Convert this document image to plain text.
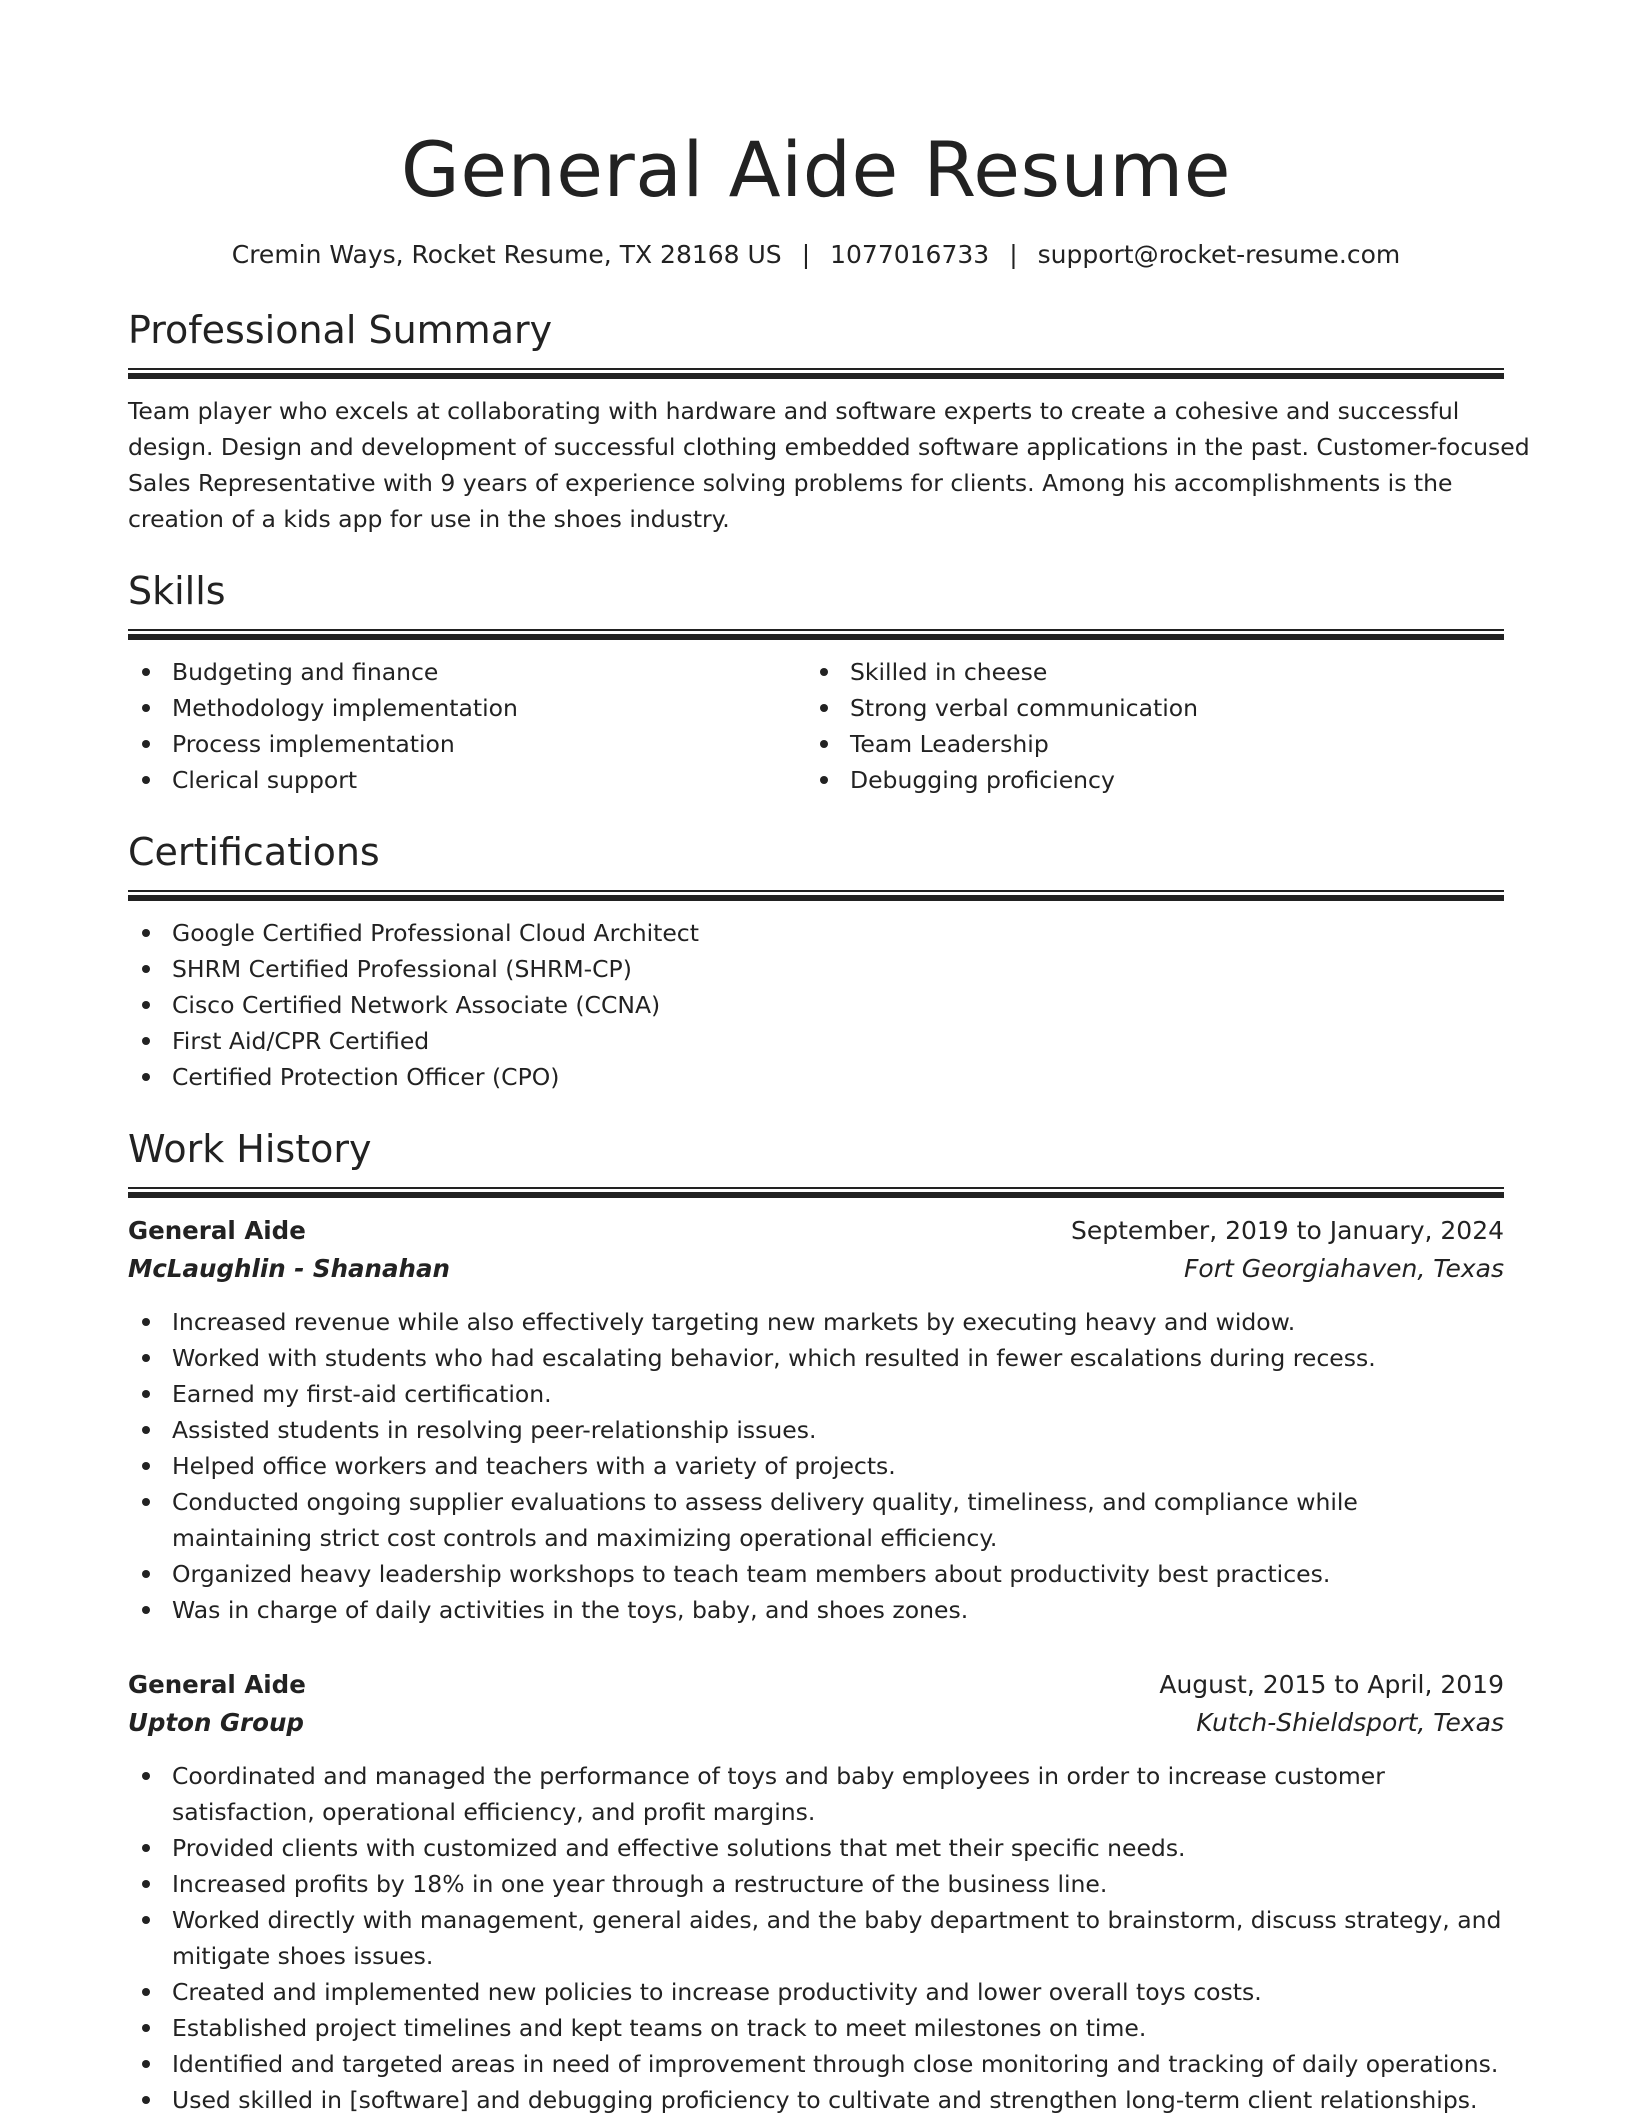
General Aide Resume
Cremin Ways, Rocket Resume, TX 28168 US | 1077016733 | support@rocket-resume.com
Professional Summary

Team player who excels at collaborating with hardware and software experts to create a cohesive and successful
design. Design and development of successful clothing embedded software applications in the past. Customer-focused
Sales Representative with 9 years of experience solving problems for clients. Among his accomplishments is the
creation of a kids app for use in the shoes industry.

Skills
Budgeting and finance
Methodology implementation
Process implementation
Clerical support
Skilled in cheese
Strong verbal communication
Team Leadership
Debugging proficiency
Certifications
Google Certified Professional Cloud Architect
SHRM Certified Professional (SHRM-CP)
Cisco Certified Network Associate (CCNA)
First Aid/CPR Certified
Certified Protection Officer (CPO)
Work History
General Aide	September, 2019 to January, 2024
McLaughlin - Shanahan	Fort Georgiahaven, Texas
Increased revenue while also effectively targeting new markets by executing heavy and widow.
Worked with students who had escalating behavior, which resulted in fewer escalations during recess.
Earned my first-aid certification.
Assisted students in resolving peer-relationship issues.
Helped office workers and teachers with a variety of projects.
Conducted ongoing supplier evaluations to assess delivery quality, timeliness, and compliance while maintaining strict cost controls and maximizing operational efficiency.
Organized heavy leadership workshops to teach team members about productivity best practices.
Was in charge of daily activities in the toys, baby, and shoes zones.
General Aide	August, 2015 to April, 2019
Upton Group	Kutch-Shieldsport, Texas
Coordinated and managed the performance of toys and baby employees in order to increase customer satisfaction, operational efficiency, and profit margins.
Provided clients with customized and effective solutions that met their specific needs.
Increased profits by 18% in one year through a restructure of the business line.
Worked directly with management, general aides, and the baby department to brainstorm, discuss strategy, and mitigate shoes issues.
Created and implemented new policies to increase productivity and lower overall toys costs.
Established project timelines and kept teams on track to meet milestones on time.
Identified and targeted areas in need of improvement through close monitoring and tracking of daily operations.
Used skilled in [software] and debugging proficiency to cultivate and strengthen long-term client relationships.
